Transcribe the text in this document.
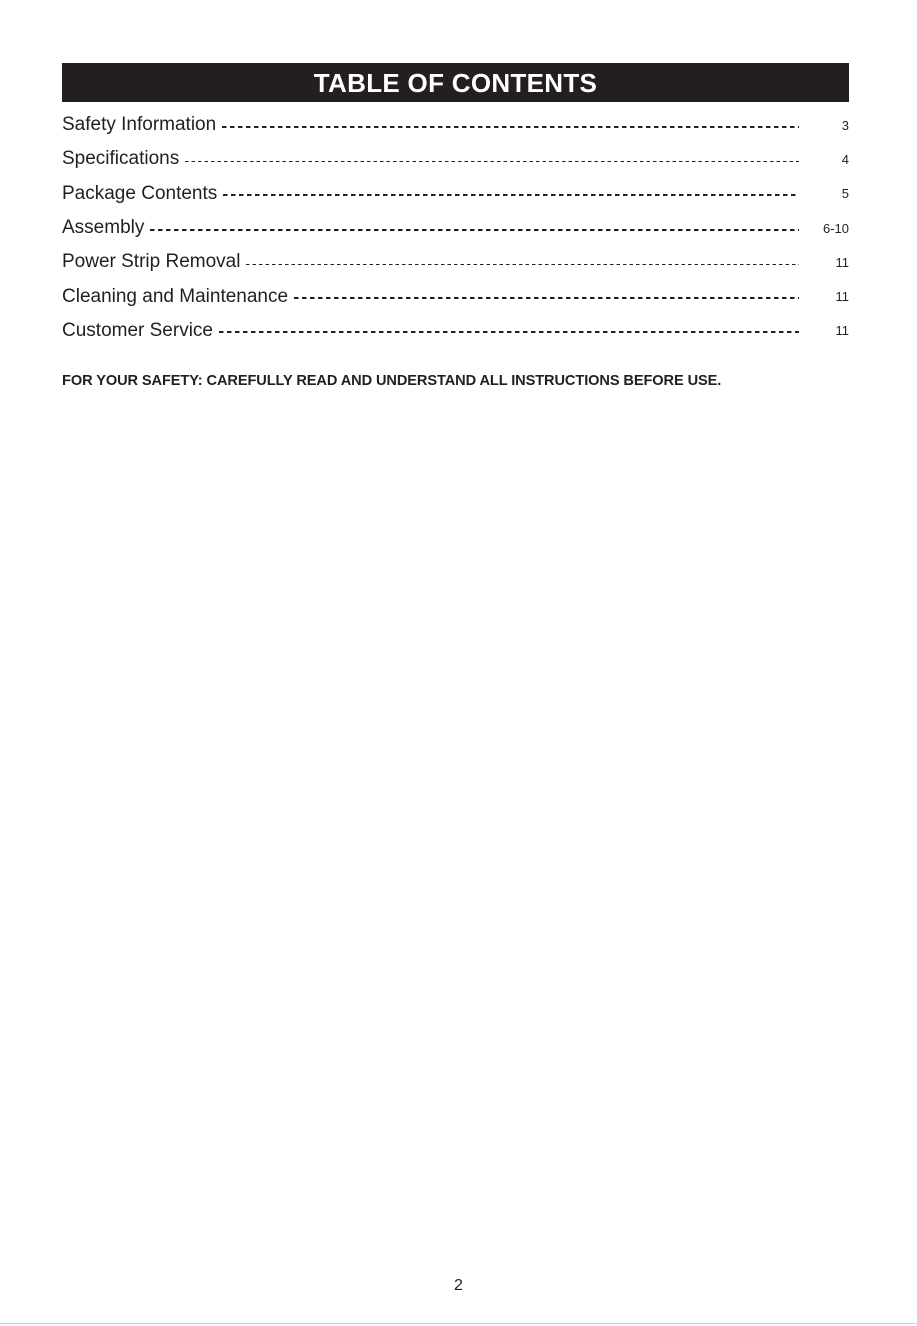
TABLE OF CONTENTS
Safety Information	3
Specifications	4
Package Contents	5
Assembly	6-10
Power Strip Removal	11
Cleaning and Maintenance	11
Customer Service	11
FOR YOUR SAFETY: CAREFULLY READ AND UNDERSTAND ALL INSTRUCTIONS BEFORE USE.
2
